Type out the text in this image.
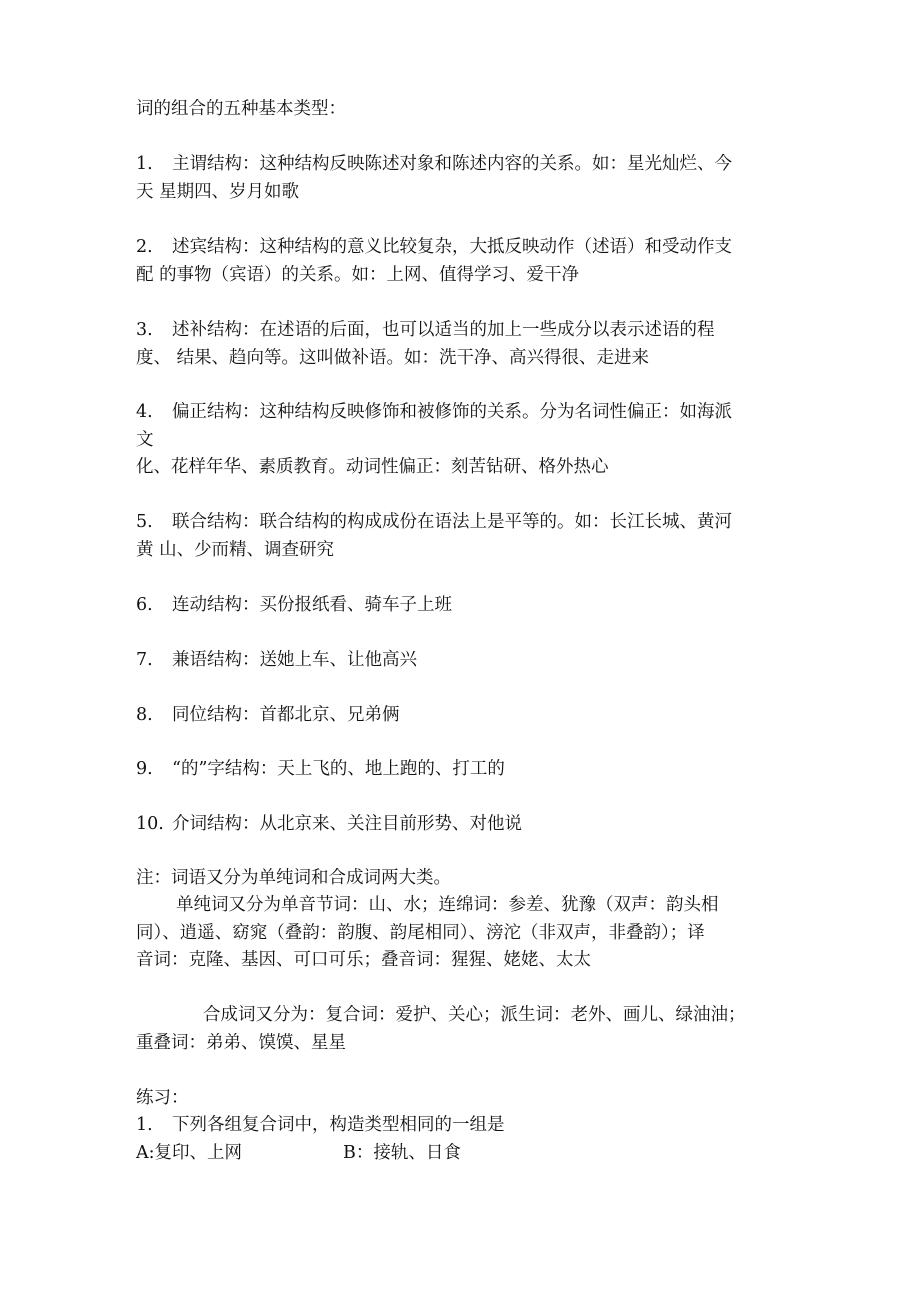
词的组合的五种基本类型：
1. 主谓结构：这种结构反映陈述对象和陈述内容的关系。如：星光灿烂、今
天 星期四、岁月如歌
2. 述宾结构：这种结构的意义比较复杂，大抵反映动作（述语）和受动作支
配 的事物（宾语）的关系。如：上网、值得学习、爱干净
3. 述补结构：在述语的后面，也可以适当的加上一些成分以表示述语的程
度、 结果、趋向等。这叫做补语。如：洗干净、高兴得很、走进来
4. 偏正结构：这种结构反映修饰和被修饰的关系。分为名词性偏正：如海派
文
化、花样年华、素质教育。动词性偏正：刻苦钻研、格外热心
5. 联合结构：联合结构的构成成份在语法上是平等的。如：长江长城、黄河
黄 山、少而精、调查研究
6. 连动结构：买份报纸看、骑车子上班
7. 兼语结构：送她上车、让他高兴
8. 同位结构：首都北京、兄弟俩
9. “的”字结构：天上飞的、地上跑的、打工的
10. 介词结构：从北京来、关注目前形势、对他说
注：词语又分为单纯词和合成词两大类。
单纯词又分为单音节词：山、水；连绵词：参差、犹豫（双声：韵头相
同）、逍遥、窈窕（叠韵：韵腹、韵尾相同）、滂沱（非双声，非叠韵）；译
音词：克隆、基因、可口可乐；叠音词：猩猩、姥姥、太太
合成词又分为：复合词：爱护、关心；派生词：老外、画儿、绿油油；
重叠词：弟弟、馍馍、星星
练习：
1. 下列各组复合词中，构造类型相同的一组是
A:复印、上网	B：接轨、日食
